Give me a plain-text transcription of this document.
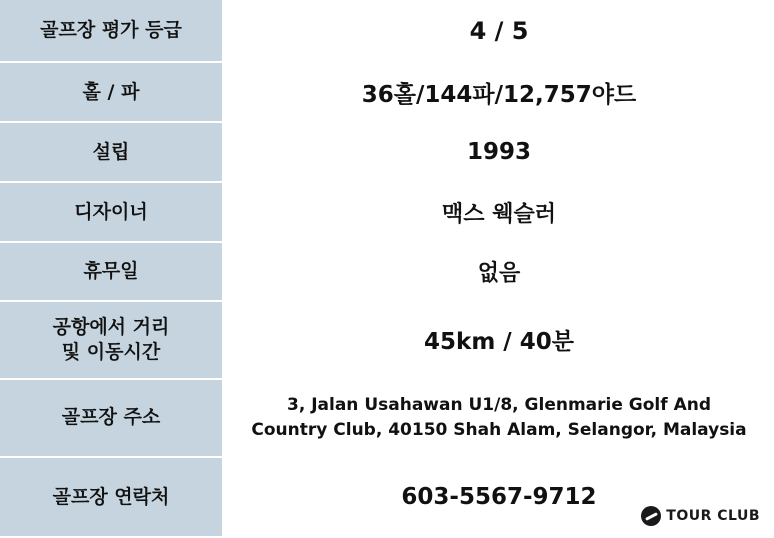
골프장 평가 등급	4 / 5
홀 / 파	36홀/144파/12,757야드
설립	1993
디자이너	맥스 웩슬러
휴무일	없음

공항에서 거리
및 이동시간	45km / 40분
골프장 주소	3, Jalan Usahawan U1/8, Glenmarie Golf And
Country Club, 40150 Shah Alam, Selangor, Malaysia

골프장 연락처	603-5567-9712
TOUR CLUB
